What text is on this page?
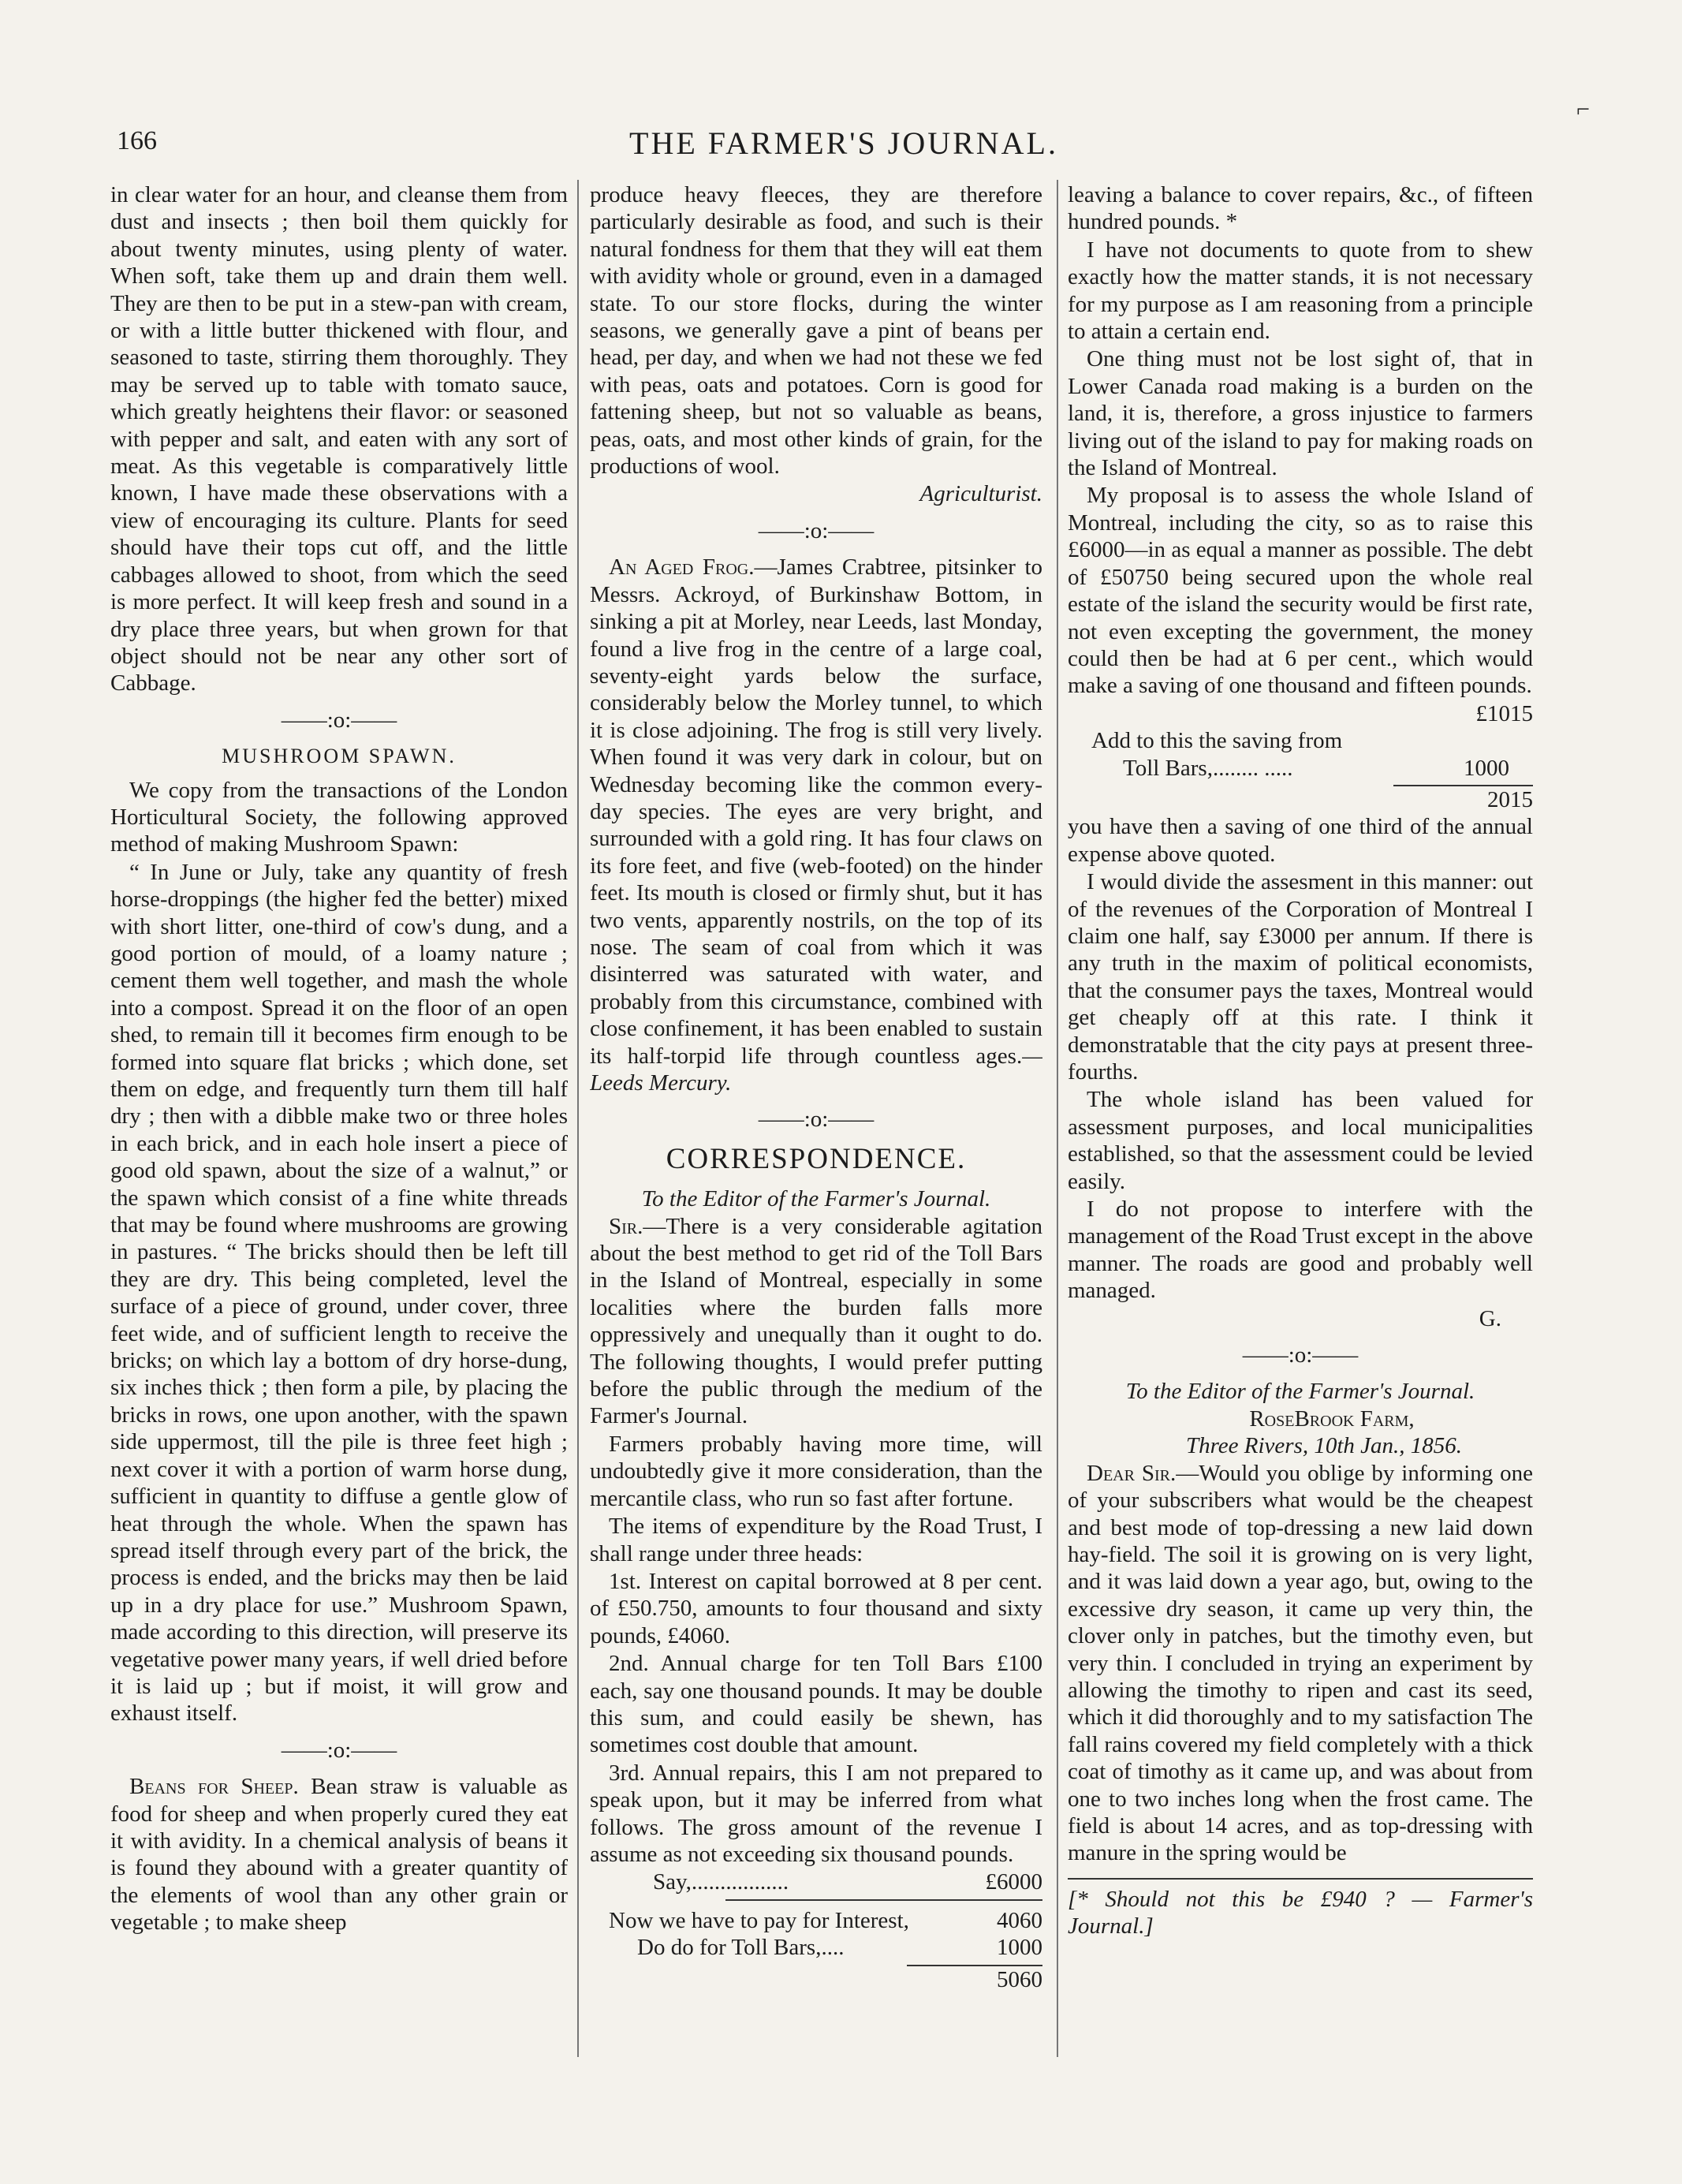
166	THE FARMER'S JOURNAL.
⌐

in clear water for an hour, and cleanse them from dust and insects ; then boil them quickly for about twenty minutes, using plenty of water. When soft, take them up and drain them well. They are then to be put in a stew-pan with cream, or with a little butter thickened with flour, and seasoned to taste, stirring them thoroughly. They may be served up to table with tomato sauce, which greatly heightens their flavor: or seasoned with pepper and salt, and eaten with any sort of meat. As this vegetable is comparatively little known, I have made these observations with a view of encouraging its culture. Plants for seed should have their tops cut off, and the little cabbages allowed to shoot, from which the seed is more perfect. It will keep fresh and sound in a dry place three years, but when grown for that object should not be near any other sort of Cabbage.

——:o:——
MUSHROOM SPAWN.

We copy from the transactions of the London Horticultural Society, the following approved method of making Mushroom Spawn:

“ In June or July, take any quantity of fresh horse-droppings (the higher fed the better) mixed with short litter, one-third of cow's dung, and a good portion of mould, of a loamy nature ; cement them well together, and mash the whole into a compost. Spread it on the floor of an open shed, to remain till it becomes firm enough to be formed into square flat bricks ; which done, set them on edge, and frequently turn them till half dry ; then with a dibble make two or three holes in each brick, and in each hole insert a piece of good old spawn, about the size of a walnut,” or the spawn which consist of a fine white threads that may be found where mushrooms are growing in pastures. “ The bricks should then be left till they are dry. This being completed, level the surface of a piece of ground, under cover, three feet wide, and of sufficient length to receive the bricks; on which lay a bottom of dry horse-dung, six inches thick ; then form a pile, by placing the bricks in rows, one upon another, with the spawn side uppermost, till the pile is three feet high ; next cover it with a portion of warm horse dung, sufficient in quantity to diffuse a gentle glow of heat through the whole. When the spawn has spread itself through every part of the brick, the process is ended, and the bricks may then be laid up in a dry place for use.” Mushroom Spawn, made according to this direction, will preserve its vegetative power many years, if well dried before it is laid up ; but if moist, it will grow and exhaust itself.

——:o:——

Beans for Sheep. Bean straw is valuable as food for sheep and when properly cured they eat it with avidity. In a chemical analysis of beans it is found they abound with a greater quantity of the elements of wool than any other grain or vegetable ; to make sheep

produce heavy fleeces, they are therefore particularly desirable as food, and such is their natural fondness for them that they will eat them with avidity whole or ground, even in a damaged state. To our store flocks, during the winter seasons, we generally gave a pint of beans per head, per day, and when we had not these we fed with peas, oats and potatoes. Corn is good for fattening sheep, but not so valuable as beans, peas, oats, and most other kinds of grain, for the productions of wool.

Agriculturist.
——:o:——

An Aged Frog.—James Crabtree, pitsinker to Messrs. Ackroyd, of Burkinshaw Bottom, in sinking a pit at Morley, near Leeds, last Monday, found a live frog in the centre of a large coal, seventy-eight yards below the surface, considerably below the Morley tunnel, to which it is close adjoining. The frog is still very lively. When found it was very dark in colour, but on Wednesday becoming like the common every-day species. The eyes are very bright, and surrounded with a gold ring. It has four claws on its fore feet, and five (web-footed) on the hinder feet. Its mouth is closed or firmly shut, but it has two vents, apparently nostrils, on the top of its nose. The seam of coal from which it was disinterred was saturated with water, and probably from this circumstance, combined with close confinement, it has been enabled to sustain its half-torpid life through countless ages.—Leeds Mercury.

——:o:——
CORRESPONDENCE.
To the Editor of the Farmer's Journal.

Sir.—There is a very considerable agitation about the best method to get rid of the Toll Bars in the Island of Montreal, especially in some localities where the burden falls more oppressively and unequally than it ought to do. The following thoughts, I would prefer putting before the public through the medium of the Farmer's Journal.

Farmers probably having more time, will undoubtedly give it more consideration, than the mercantile class, who run so fast after fortune.

The items of expenditure by the Road Trust, I shall range under three heads:

1st. Interest on capital borrowed at 8 per cent. of £50.750, amounts to four thousand and sixty pounds, £4060.

2nd. Annual charge for ten Toll Bars £100 each, say one thousand pounds. It may be double this sum, and could easily be shewn, has sometimes cost double that amount.

3rd. Annual repairs, this I am not prepared to speak upon, but it may be inferred from what follows. The gross amount of the revenue I assume as not exceeding six thousand pounds.

Say,.................	£6000
Now we have to pay for Interest,	4060
Do do for Toll Bars,....	1000
5060

leaving a balance to cover repairs, &c., of fifteen hundred pounds. *

I have not documents to quote from to shew exactly how the matter stands, it is not necessary for my purpose as I am reasoning from a principle to attain a certain end.

One thing must not be lost sight of, that in Lower Canada road making is a burden on the land, it is, therefore, a gross injustice to farmers living out of the island to pay for making roads on the Island of Montreal.

My proposal is to assess the whole Island of Montreal, including the city, so as to raise this £6000—in as equal a manner as possible. The debt of £50750 being secured upon the whole real estate of the island the security would be first rate, not even excepting the government, the money could then be had at 6 per cent., which would make a saving of one thousand and fifteen pounds.

£1015
Add to this the saving from
Toll Bars,........ .....	1000
2015

you have then a saving of one third of the annual expense above quoted.

I would divide the assesment in this manner: out of the revenues of the Corporation of Montreal I claim one half, say £3000 per annum. If there is any truth in the maxim of political economists, that the consumer pays the taxes, Montreal would get cheaply off at this rate. I think it demonstratable that the city pays at present three-fourths.

The whole island has been valued for assessment purposes, and local municipalities established, so that the assessment could be levied easily.

I do not propose to interfere with the management of the Road Trust except in the above manner. The roads are good and probably well managed.

G.
——:o:——
To the Editor of the Farmer's Journal.
RoseBrook Farm,
Three Rivers, 10th Jan., 1856.

Dear Sir.—Would you oblige by informing one of your subscribers what would be the cheapest and best mode of top-dressing a new laid down hay-field. The soil it is growing on is very light, and it was laid down a year ago, but, owing to the excessive dry season, it came up very thin, the clover only in patches, but the timothy even, but very thin. I concluded in trying an experiment by allowing the timothy to ripen and cast its seed, which it did thoroughly and to my satisfaction The fall rains covered my field completely with a thick coat of timothy as it came up, and was about from one to two inches long when the frost came. The field is about 14 acres, and as top-dressing with manure in the spring would be

[* Should not this be £940 ? — Farmer's Journal.]
